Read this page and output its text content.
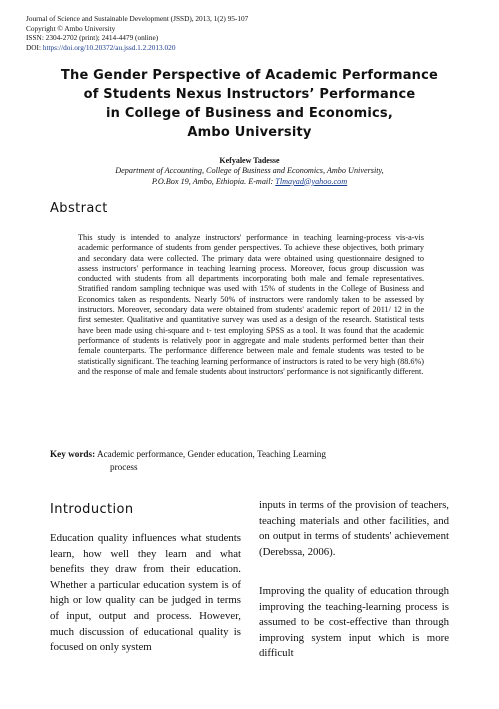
Journal of Science and Sustainable Development (JSSD), 2013, 1(2) 95-107
Copyright © Ambo University
ISSN: 2304-2702 (print); 2414-4479 (online)
DOI: https://doi.org/10.20372/au.jssd.1.2.2013.020
The Gender Perspective of Academic Performance
of Students Nexus Instructors’ Performance
in College of Business and Economics,
Ambo University
Kefyalew Tadesse
Department of Accounting, College of Business and Economics, Ambo University,
P.O.Box 19, Ambo, Ethiopia. E-mail: Tlmayad@yahoo.com
Abstract
This study is intended to analyze instructors' performance in teaching learning-process vis-a-vis academic performance of students from gender perspectives. To achieve these objectives, both primary and secondary data were collected. The primary data were obtained using questionnaire designed to assess instructors' performance in teaching learning process. Moreover, focus group discussion was conducted with students from all departments incorporating both male and female representatives. Stratified random sampling technique was used with 15% of students in the College of Business and Economics taken as respondents. Nearly 50% of instructors were randomly taken to be assessed by instructors. Moreover, secondary data were obtained from students' academic report of 2011/ 12 in the first semester. Qualitative and quantitative survey was used as a design of the research. Statistical tests have been made using chi-square and t- test employing SPSS as a tool. It was found that the academic performance of students is relatively poor in aggregate and male students performed better than their female counterparts. The performance difference between male and female students was tested to be statistically significant. The teaching learning performance of instructors is rated to be very high (88.6%) and the response of male and female students about instructors' performance is not significantly different.
Key words: Academic performance, Gender education, Teaching Learning
process
Introduction
Education quality influences what students learn, how well they learn and what benefits they draw from their education. Whether a particular education system is of high or low quality can be judged in terms of input, output and process. However, much discussion of educational quality is focused on only system
inputs in terms of the provision of teachers, teaching materials and other facilities, and on output in terms of students' achievement (Derebssa, 2006).
Improving the quality of education through improving the teaching-learning process is assumed to be cost-effective than through improving system input which is more difficult
